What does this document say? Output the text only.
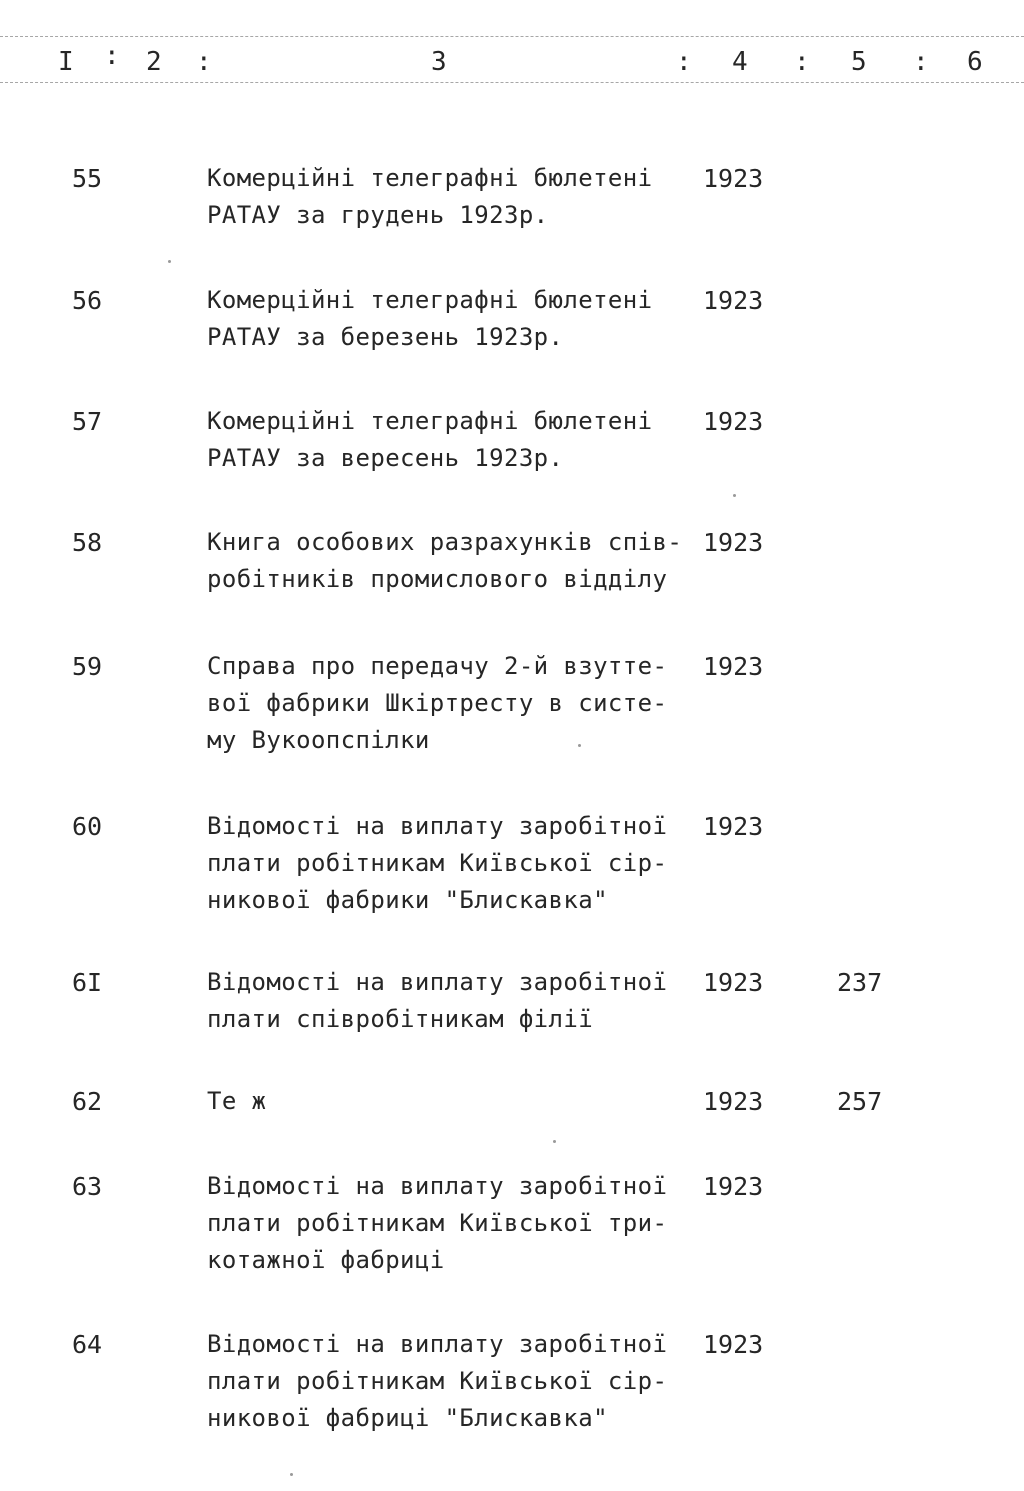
I : 2 :	3	: 4 : 5 : 6
55	Комерційні телеграфні бюлетені
РАТАУ за грудень 1923р.
1923
56	Комерційні телеграфні бюлетені
РАТАУ за березень 1923р.
1923
57	Комерційні телеграфні бюлетені
РАТАУ за вересень 1923р.
1923
58	Книга особових разрахунків спів-
робітників промислового відділу
1923
59	Справа про передачу 2-й взутте-
вої фабрики Шкіртресту в систе-
му Вукоопспілки
1923
60	Відомості на виплату заробітної
плати робітникам Київської сір-
никової фабрики "Блискавка"
1923
6I	Відомості на виплату заробітної
плати співробітникам філії
1923	237
62	Те ж	1923	257
63	Відомості на виплату заробітної
плати робітникам Київської три-
котажної фабриці
1923
64	Відомості на виплату заробітної
плати робітникам Київської сір-
никової фабриці "Блискавка"
1923
